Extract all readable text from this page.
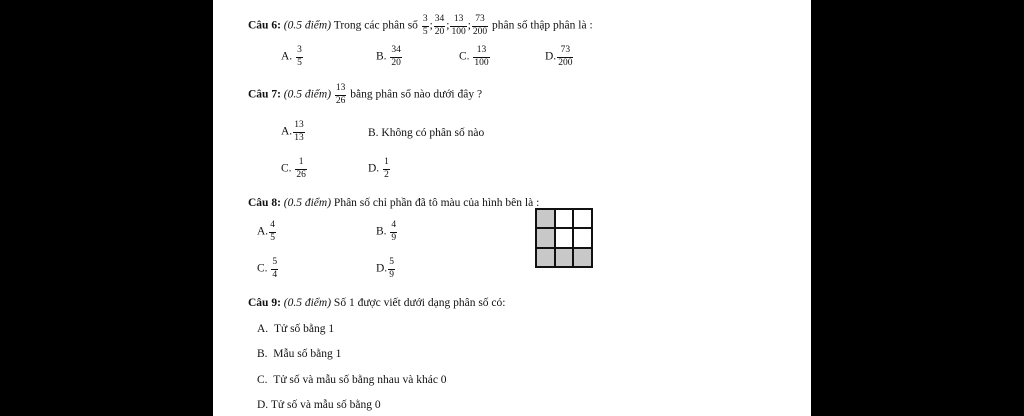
Câu 6: (0.5 điểm) Trong các phân số $\frac{3}{5}$ ; $\frac{34}{20}$ ; $\frac{13}{100}$ ; $\frac{73}{200}$ phân số thập phân là :
A. $\frac{3}{5}$	B. $\frac{34}{20}$	C. $\frac{13}{100}$	D. $\frac{73}{200}$
Câu 7: (0.5 điểm) $\frac{13}{26}$ bằng phân số nào dưới đây ?
A. $\frac{13}{13}$	B. Không có phân số nào
C. $\frac{1}{26}$	D. $\frac{1}{2}$
Câu 8: (0.5 điểm) Phân số chỉ phần đã tô màu của hình bên là :
A. $\frac{4}{5}$	B. $\frac{4}{9}$
C. $\frac{5}{4}$	D. $\frac{5}{9}$
Câu 9: (0.5 điểm) Số 1 được viết dưới dạng phân số có:
A. Tử số bằng 1
B. Mẫu số bằng 1
C. Tử số và mẫu số bằng nhau và khác 0
D. Tử số và mẫu số bằng 0
